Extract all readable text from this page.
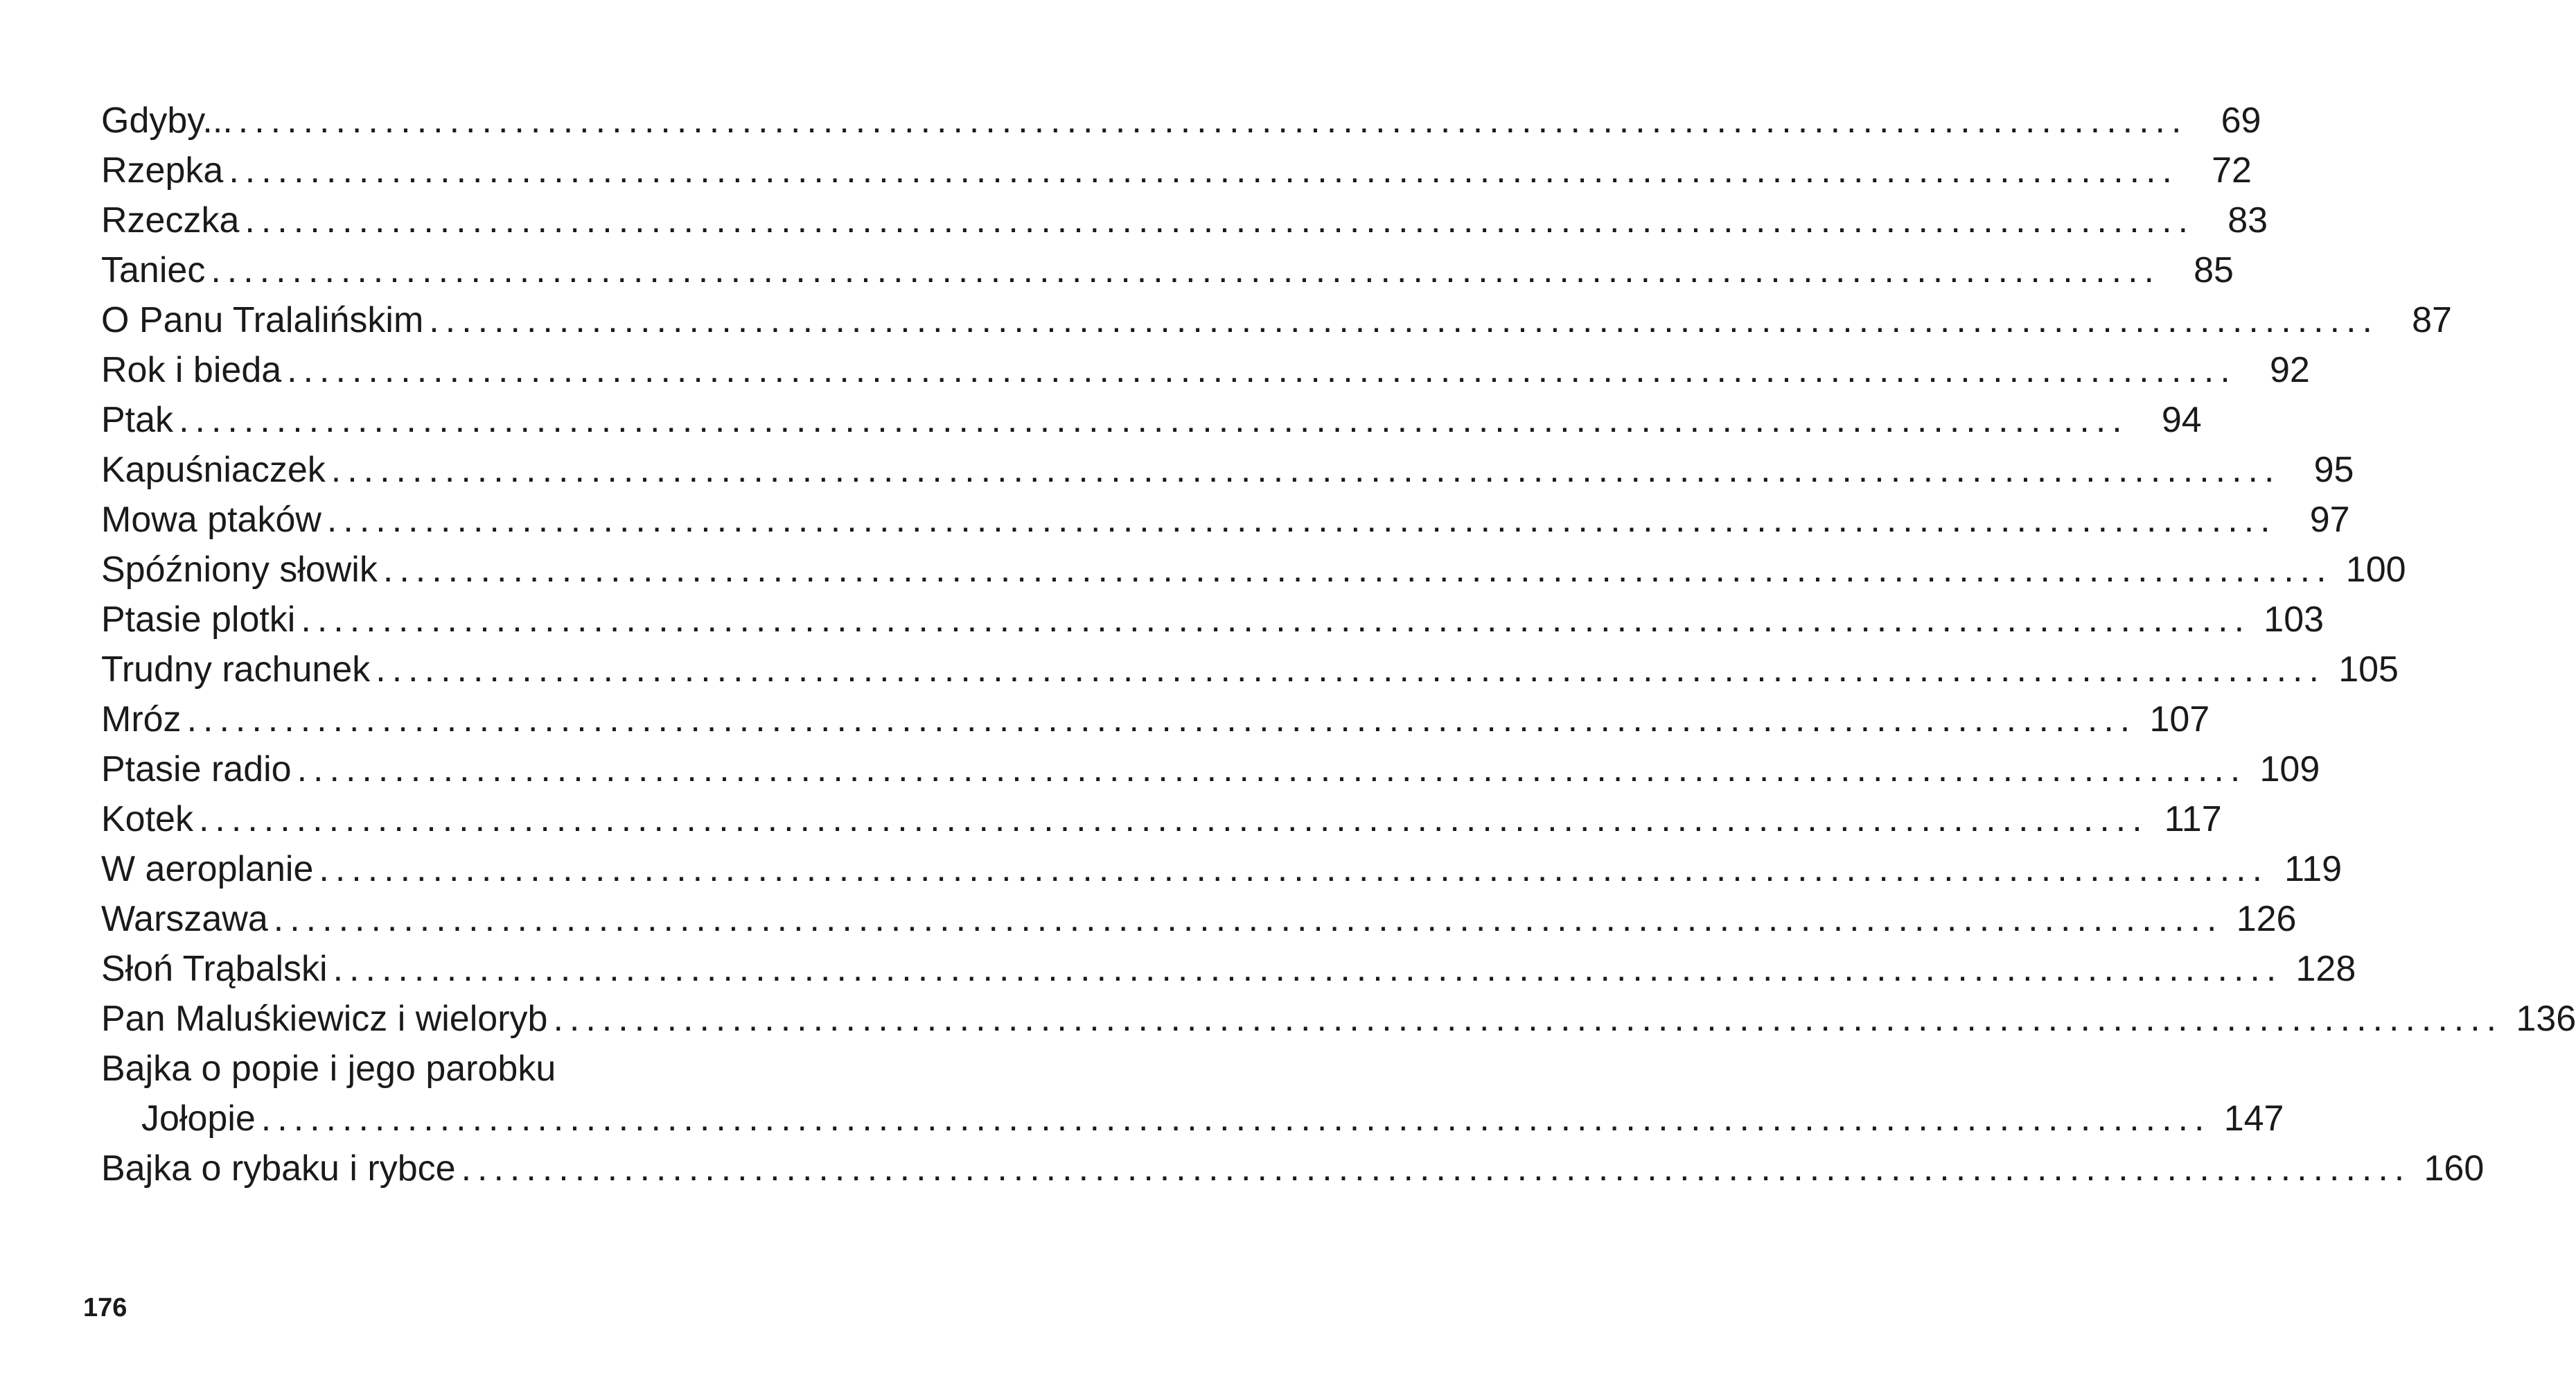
Gdyby... ........................................................................................................................ 69
Rzepka ........................................................................................................................ 72
Rzeczka ........................................................................................................................ 83
Taniec ........................................................................................................................ 85
O Panu Tralalińskim ........................................................................................................................ 87
Rok i bieda ........................................................................................................................ 92
Ptak ........................................................................................................................ 94
Kapuśniaczek ........................................................................................................................ 95
Mowa ptaków ........................................................................................................................ 97
Spóźniony słowik ........................................................................................................................ 100
Ptasie plotki ........................................................................................................................ 103
Trudny rachunek ........................................................................................................................ 105
Mróz ........................................................................................................................ 107
Ptasie radio ........................................................................................................................ 109
Kotek ........................................................................................................................ 117
W aeroplanie ........................................................................................................................ 119
Warszawa ........................................................................................................................ 126
Słoń Trąbalski ........................................................................................................................ 128
Pan Maluśkiewicz i wieloryb ........................................................................................................................ 136
Bajka o popie i jego parobku
Jołopie ........................................................................................................................ 147
Bajka o rybaku i rybce ........................................................................................................................ 160
176
